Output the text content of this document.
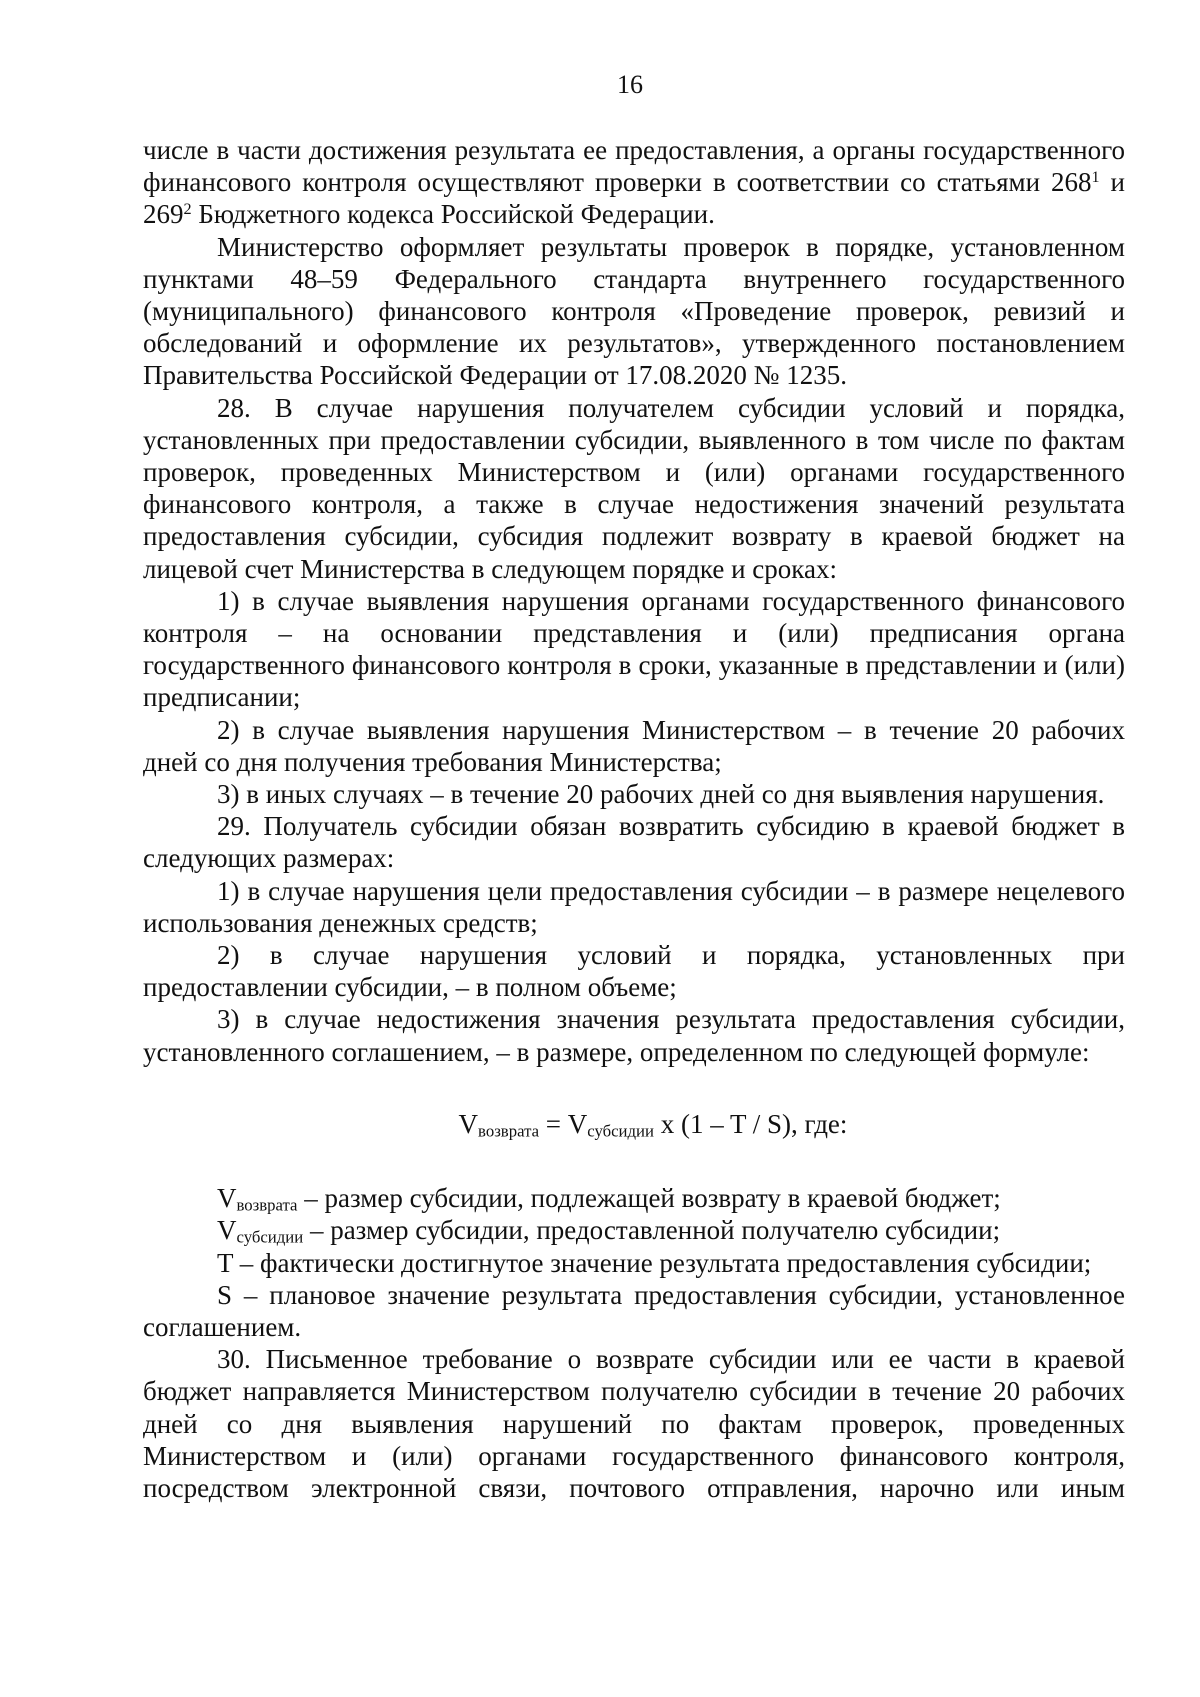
16

числе в части достижения результата ее предоставления, а органы государственного финансового контроля осуществляют проверки в соответствии со статьями $268^1$ и $269^2$ Бюджетного кодекса Российской Федерации.

Министерство оформляет результаты проверок в порядке, установленном пунктами 48–59 Федерального стандарта внутреннего государственного (муниципального) финансового контроля «Проведение проверок, ревизий и обследований и оформление их результатов», утвержденного постановлением Правительства Российской Федерации от 17.08.2020 № 1235.

28. В случае нарушения получателем субсидии условий и порядка, установленных при предоставлении субсидии, выявленного в том числе по фактам проверок, проведенных Министерством и (или) органами государственного финансового контроля, а также в случае недостижения значений результата предоставления субсидии, субсидия подлежит возврату в краевой бюджет на лицевой счет Министерства в следующем порядке и сроках:

1) в случае выявления нарушения органами государственного финансового контроля – на основании представления и (или) предписания органа государственного финансового контроля в сроки, указанные в представлении и (или) предписании;

2) в случае выявления нарушения Министерством – в течение 20 рабочих дней со дня получения требования Министерства;

3) в иных случаях – в течение 20 рабочих дней со дня выявления нарушения.

29. Получатель субсидии обязан возвратить субсидию в краевой бюджет в следующих размерах:

1) в случае нарушения цели предоставления субсидии – в размере нецелевого использования денежных средств;

2) в случае нарушения условий и порядка, установленных при предоставлении субсидии, – в полном объеме;

3) в случае недостижения значения результата предоставления субсидии, установленного соглашением, – в размере, определенном по следующей формуле:

$V_{возврата} = V_{субсидии}$ x (1 – T / S), где:

$V_{возврата}$ – размер субсидии, подлежащей возврату в краевой бюджет;

$V_{субсидии}$ – размер субсидии, предоставленной получателю субсидии;

T – фактически достигнутое значение результата предоставления субсидии;

S – плановое значение результата предоставления субсидии, установленное соглашением.

30. Письменное требование о возврате субсидии или ее части в краевой бюджет направляется Министерством получателю субсидии в течение 20 рабочих дней со дня выявления нарушений по фактам проверок, проведенных Министерством и (или) органами государственного финансового контроля, посредством электронной связи, почтового отправления, нарочно или иным
